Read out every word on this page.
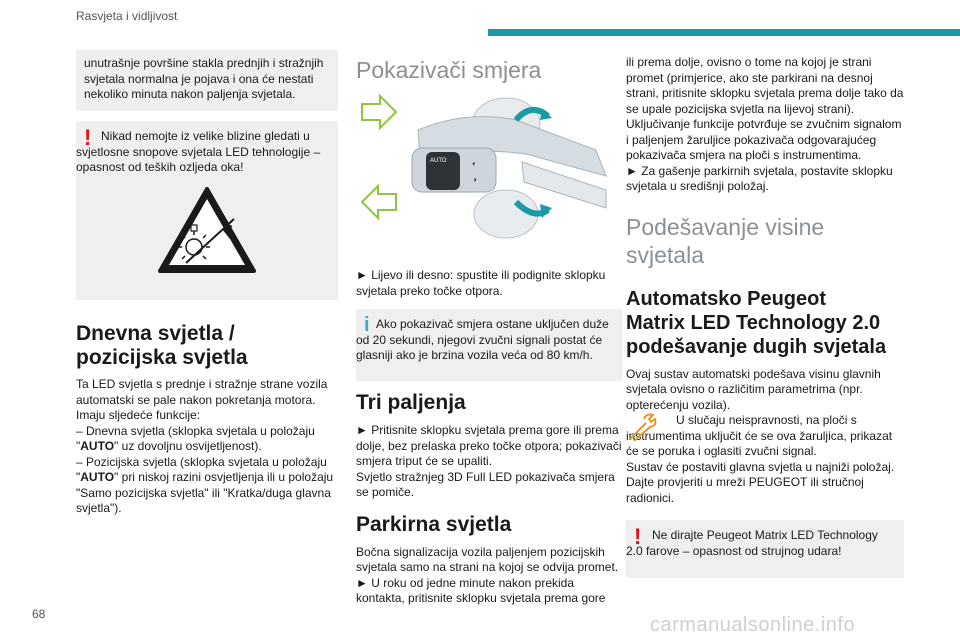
Rasvjeta i vidljivost
68

unutrašnje površine stakla prednjih i stražnjih svjetala normalna je pojava i ona će nestati nekoliko minuta nakon paljenja svjetala.

! Nikad nemojte iz velike blizine gledati u svjetlosne snopove svjetala LED tehnologije – opasnost od teških ozljeda oka!

Dnevna svjetla / pozicijska svjetla

Ta LED svjetla s prednje i stražnje strane vozila automatski se pale nakon pokretanja motora.

Imaju sljedeće funkcije:

– Dnevna svjetla (sklopka svjetala u položaju "AUTO" uz dovoljnu osvijetljenost).

– Pozicijska svjetla (sklopka svjetala u položaju "AUTO" pri niskoj razini osvjetljenja ili u položaju "Samo pozicijska svjetla" ili "Kratka/duga glavna svjetla").

Pokazivači smjera
AUTO	◐
◑

► Lijevo ili desno: spustite ili podignite sklopku svjetala preko točke otpora.

i Ako pokazivač smjera ostane uključen duže od 20 sekundi, njegovi zvučni signali postat će glasniji ako je brzina vozila veća od 80 km/h.

Tri paljenja

► Pritisnite sklopku svjetala prema gore ili prema dolje, bez prelaska preko točke otpora; pokazivači smjera triput će se upaliti.

Svjetlo stražnjeg 3D Full LED pokazivača smjera se pomiče.

Parkirna svjetla

Bočna signalizacija vozila paljenjem pozicijskih svjetala samo na strani na kojoj se odvija promet.

► U roku od jedne minute nakon prekida kontakta, pritisnite sklopku svjetala prema gore

ili prema dolje, ovisno o tome na kojoj je strani promet (primjerice, ako ste parkirani na desnoj strani, pritisnite sklopku svjetala prema dolje tako da se upale pozicijska svjetla na lijevoj strani).

Uključivanje funkcije potvrđuje se zvučnim signalom i paljenjem žaruljice pokazivača odgovarajućeg pokazivača smjera na ploči s instrumentima.

► Za gašenje parkirnih svjetala, postavite sklopku svjetala u središnji položaj.

Podešavanje visine svjetala
Automatsko Peugeot Matrix LED Technology 2.0 podešavanje dugih svjetala

Ovaj sustav automatski podešava visinu glavnih svjetala ovisno o različitim parametrima (npr. opterećenju vozila).

U slučaju neispravnosti, na ploči s instrumentima uključit će se ova žaruljica, prikazat će se poruka i oglasiti zvučni signal.

Sustav će postaviti glavna svjetla u najniži položaj.

Dajte provjeriti u mreži PEUGEOT ili stručnoj radionici.

! Ne dirajte Peugeot Matrix LED Technology 2.0 farove – opasnost od strujnog udara!

carmanualsonline.info
